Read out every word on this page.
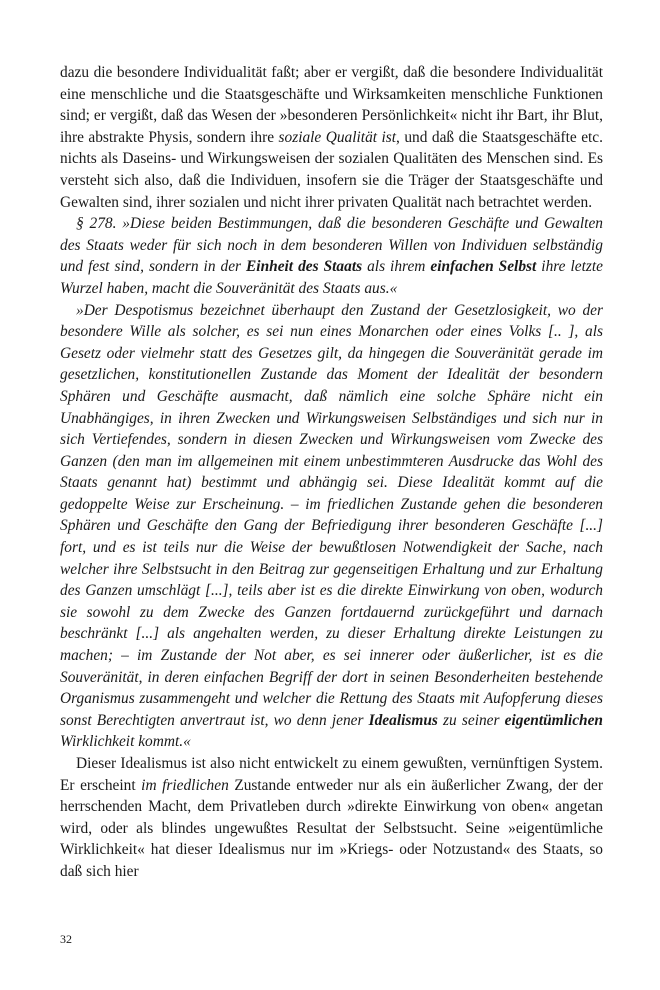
dazu die besondere Individualität faßt; aber er vergißt, daß die besondere Individualität eine menschliche und die Staatsgeschäfte und Wirksamkeiten menschliche Funktionen sind; er vergißt, daß das Wesen der »besonderen Persönlichkeit« nicht ihr Bart, ihr Blut, ihre abstrakte Physis, sondern ihre soziale Qualität ist, und daß die Staatsgeschäfte etc. nichts als Daseins- und Wirkungsweisen der sozialen Qualitäten des Menschen sind. Es versteht sich also, daß die Individuen, insofern sie die Träger der Staatsgeschäfte und Gewalten sind, ihrer sozialen und nicht ihrer privaten Qualität nach betrachtet werden.

§ 278. »Diese beiden Bestimmungen, daß die besonderen Geschäfte und Gewalten des Staats weder für sich noch in dem besonderen Willen von Individuen selbständig und fest sind, sondern in der Einheit des Staats als ihrem einfachen Selbst ihre letzte Wurzel haben, macht die Souveränität des Staats aus.«

»Der Despotismus bezeichnet überhaupt den Zustand der Gesetzlosigkeit, wo der besondere Wille als solcher, es sei nun eines Monarchen oder eines Volks [.. ], als Gesetz oder vielmehr statt des Gesetzes gilt, da hingegen die Souveränität gerade im gesetzlichen, konstitutionellen Zustande das Moment der Idealität der besondern Sphären und Geschäfte ausmacht, daß nämlich eine solche Sphäre nicht ein Unabhängiges, in ihren Zwecken und Wirkungsweisen Selbständiges und sich nur in sich Vertiefendes, sondern in diesen Zwecken und Wirkungsweisen vom Zwecke des Ganzen (den man im allgemeinen mit einem unbestimmteren Ausdrucke das Wohl des Staats genannt hat) bestimmt und abhängig sei. Diese Idealität kommt auf die gedoppelte Weise zur Erscheinung. – im friedlichen Zustande gehen die besonderen Sphären und Geschäfte den Gang der Befriedigung ihrer besonderen Geschäfte [...] fort, und es ist teils nur die Weise der bewußtlosen Notwendigkeit der Sache, nach welcher ihre Selbstsucht in den Beitrag zur gegenseitigen Erhaltung und zur Erhaltung des Ganzen umschlägt [...], teils aber ist es die direkte Einwirkung von oben, wodurch sie sowohl zu dem Zwecke des Ganzen fortdauernd zurückgeführt und darnach beschränkt [...] als angehalten werden, zu dieser Erhaltung direkte Leistungen zu machen; – im Zustande der Not aber, es sei innerer oder äußerlicher, ist es die Souveränität, in deren einfachen Begriff der dort in seinen Besonderheiten bestehende Organismus zusammengeht und welcher die Rettung des Staats mit Aufopferung dieses sonst Berechtigten anvertraut ist, wo denn jener Idealismus zu seiner eigentümlichen Wirklichkeit kommt.«

Dieser Idealismus ist also nicht entwickelt zu einem gewußten, vernünftigen System. Er erscheint im friedlichen Zustande entweder nur als ein äußerlicher Zwang, der der herrschenden Macht, dem Privatleben durch »direkte Einwirkung von oben« angetan wird, oder als blindes ungewußtes Resultat der Selbstsucht. Seine »eigentümliche Wirklichkeit« hat dieser Idealismus nur im »Kriegs- oder Notzustand« des Staats, so daß sich hier

32
